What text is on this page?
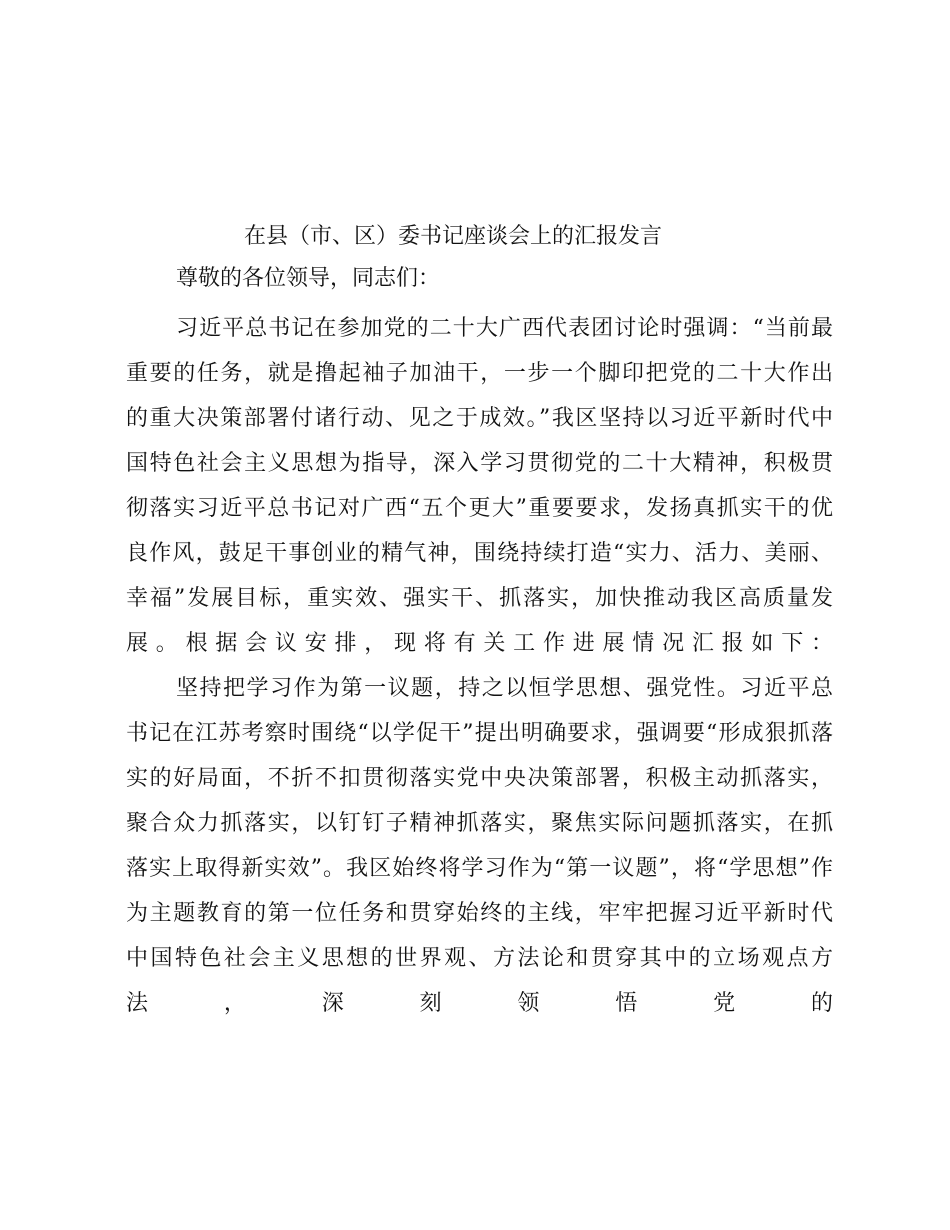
在县（市、区）委书记座谈会上的汇报发言

尊敬的各位领导，同志们：

习近平总书记在参加党的二十大广西代表团讨论时强调：“当前最重要的任务，就是撸起袖子加油干，一步一个脚印把党的二十大作出的重大决策部署付诸行动、见之于成效。”我区坚持以习近平新时代中国特色社会主义思想为指导，深入学习贯彻党的二十大精神，积极贯彻落实习近平总书记对广西“五个更大”重要要求，发扬真抓实干的优良作风，鼓足干事创业的精气神，围绕持续打造“实力、活力、美丽、幸福”发展目标，重实效、强实干、抓落实，加快推动我区高质量发展。根据会议安排，现将有关工作进展情况汇报如下：

坚持把学习作为第一议题，持之以恒学思想、强党性。习近平总书记在江苏考察时围绕“以学促干”提出明确要求，强调要“形成狠抓落实的好局面，不折不扣贯彻落实党中央决策部署，积极主动抓落实，聚合众力抓落实，以钉钉子精神抓落实，聚焦实际问题抓落实，在抓落实上取得新实效”。我区始终将学习作为“第一议题”，将“学思想”作为主题教育的第一位任务和贯穿始终的主线，牢牢把握习近平新时代中国特色社会主义思想的世界观、方法论和贯穿其中的立场观点方法，深刻领悟党的
